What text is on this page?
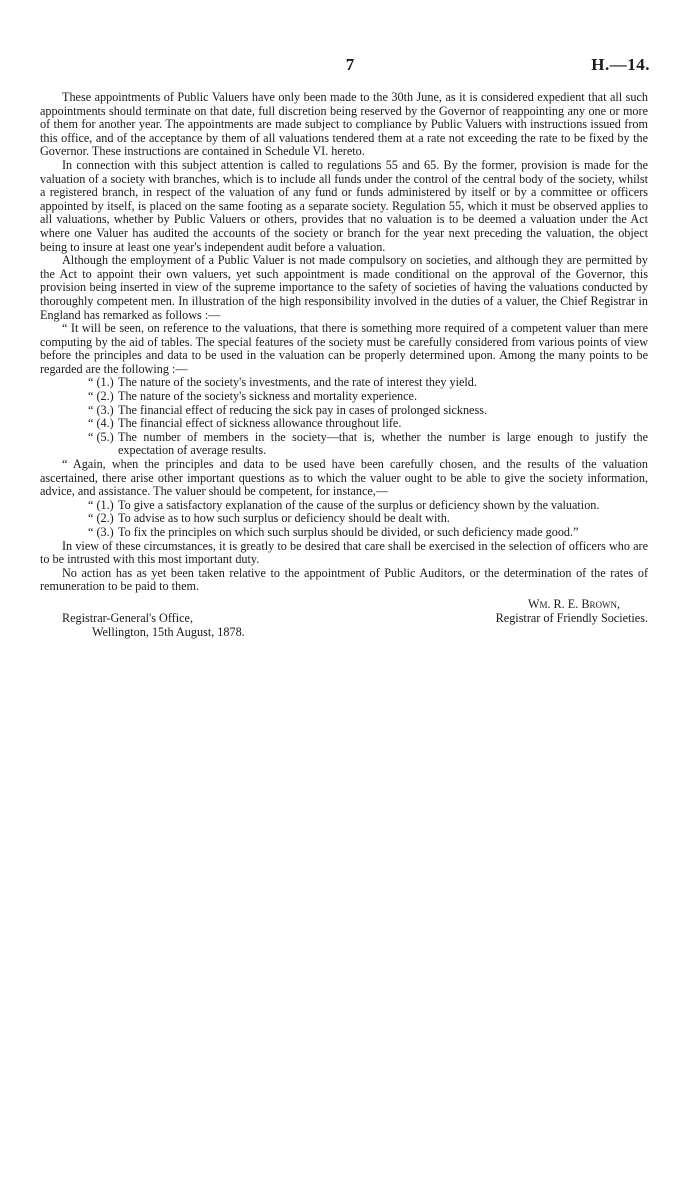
7	H.—14.

These appointments of Public Valuers have only been made to the 30th June, as it is considered expedient that all such appointments should terminate on that date, full discretion being reserved by the Governor of reappointing any one or more of them for another year. The appointments are made subject to compliance by Public Valuers with instructions issued from this office, and of the acceptance by them of all valuations tendered them at a rate not exceeding the rate to be fixed by the Governor. These instructions are contained in Schedule VI. hereto.

In connection with this subject attention is called to regulations 55 and 65. By the former, provision is made for the valuation of a society with branches, which is to include all funds under the control of the central body of the society, whilst a registered branch, in respect of the valuation of any fund or funds administered by itself or by a committee or officers appointed by itself, is placed on the same footing as a separate society. Regulation 55, which it must be observed applies to all valuations, whether by Public Valuers or others, provides that no valuation is to be deemed a valuation under the Act where one Valuer has audited the accounts of the society or branch for the year next preceding the valuation, the object being to insure at least one year's independent audit before a valuation.

Although the employment of a Public Valuer is not made compulsory on societies, and although they are permitted by the Act to appoint their own valuers, yet such appointment is made conditional on the approval of the Governor, this provision being inserted in view of the supreme importance to the safety of societies of having the valuations conducted by thoroughly competent men. In illustration of the high responsibility involved in the duties of a valuer, the Chief Registrar in England has remarked as follows :—

“ It will be seen, on reference to the valuations, that there is something more required of a competent valuer than mere computing by the aid of tables. The special features of the society must be carefully considered from various points of view before the principles and data to be used in the valuation can be properly determined upon. Among the many points to be regarded are the following :—

“ (1.) The nature of the society's investments, and the rate of interest they yield.

“ (2.) The nature of the society's sickness and mortality experience.

“ (3.) The financial effect of reducing the sick pay in cases of prolonged sickness.

“ (4.) The financial effect of sickness allowance throughout life.

“ (5.) The number of members in the society—that is, whether the number is large enough to justify the expectation of average results.

“ Again, when the principles and data to be used have been carefully chosen, and the results of the valuation ascertained, there arise other important questions as to which the valuer ought to be able to give the society information, advice, and assistance. The valuer should be competent, for instance,—

“ (1.) To give a satisfactory explanation of the cause of the surplus or deficiency shown by the valuation.

“ (2.) To advise as to how such surplus or deficiency should be dealt with.

“ (3.) To fix the principles on which such surplus should be divided, or such deficiency made good.”

In view of these circumstances, it is greatly to be desired that care shall be exercised in the selection of officers who are to be intrusted with this most important duty.

No action has as yet been taken relative to the appointment of Public Auditors, or the determination of the rates of remuneration to be paid to them.

Wm. R. E. Brown,
Registrar of Friendly Societies.
Registrar-General's Office,
Wellington, 15th August, 1878.
